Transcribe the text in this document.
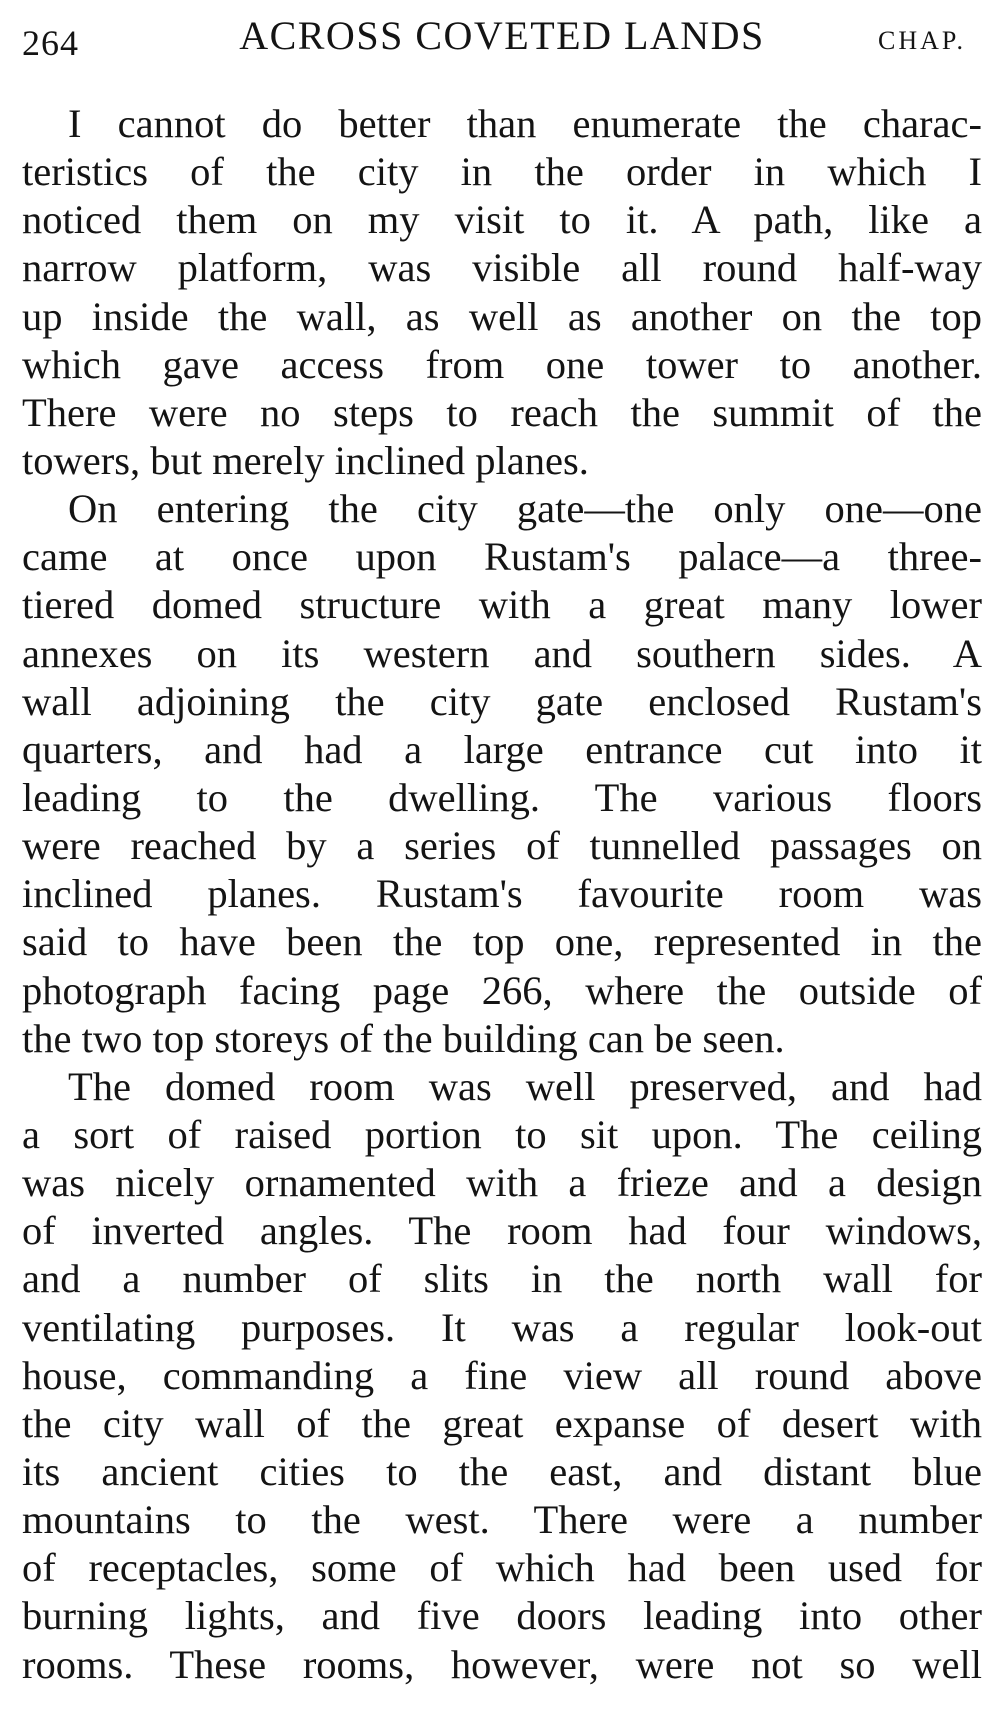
264	ACROSS COVETED LANDS	CHAP.
I cannot do better than enumerate the charac-
teristics of the city in the order in which I
noticed them on my visit to it. A path, like a
narrow platform, was visible all round half-way
up inside the wall, as well as another on the top
which gave access from one tower to another.
There were no steps to reach the summit of the
towers, but merely inclined planes.
On entering the city gate—the only one—one
came at once upon Rustam's palace—a three-
tiered domed structure with a great many lower
annexes on its western and southern sides. A
wall adjoining the city gate enclosed Rustam's
quarters, and had a large entrance cut into it
leading to the dwelling. The various floors
were reached by a series of tunnelled passages on
inclined planes. Rustam's favourite room was
said to have been the top one, represented in the
photograph facing page 266, where the outside of
the two top storeys of the building can be seen.
The domed room was well preserved, and had
a sort of raised portion to sit upon. The ceiling
was nicely ornamented with a frieze and a design
of inverted angles. The room had four windows,
and a number of slits in the north wall for
ventilating purposes. It was a regular look-out
house, commanding a fine view all round above
the city wall of the great expanse of desert with
its ancient cities to the east, and distant blue
mountains to the west. There were a number
of receptacles, some of which had been used for
burning lights, and five doors leading into other
rooms. These rooms, however, were not so well
